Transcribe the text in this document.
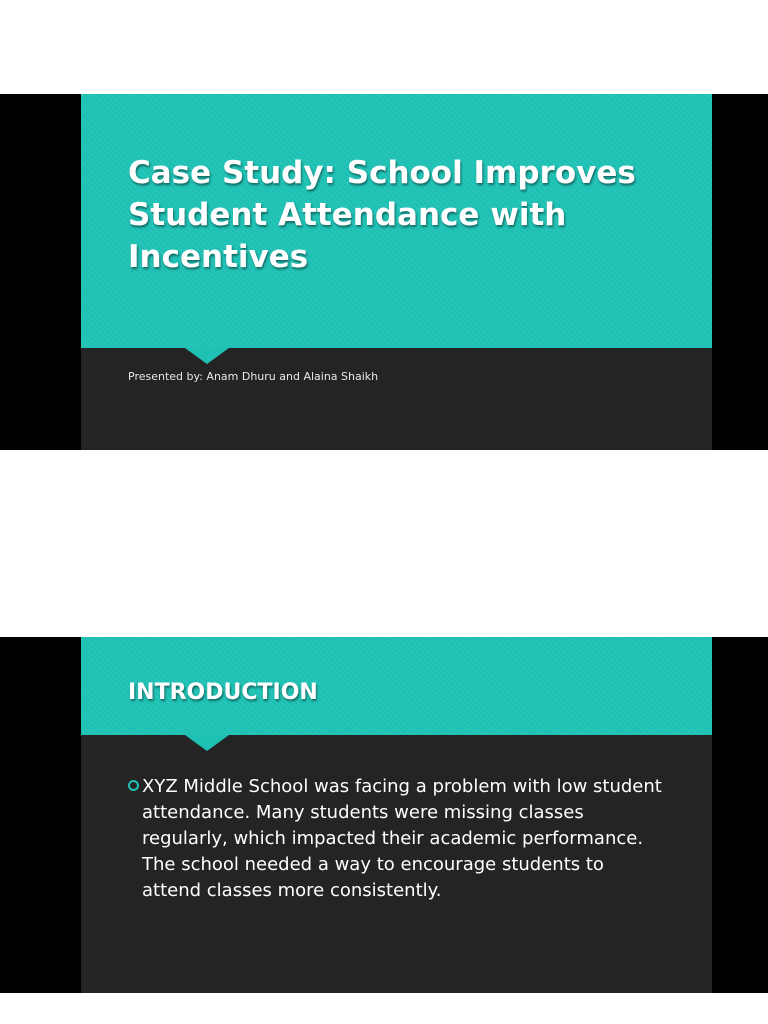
Case Study: School Improves Student Attendance with Incentives

Presented by: Anam Dhuru and Alaina Shaikh

INTRODUCTION

XYZ Middle School was facing a problem with low student attendance. Many students were missing classes regularly, which impacted their academic performance. The school needed a way to encourage students to attend classes more consistently.
